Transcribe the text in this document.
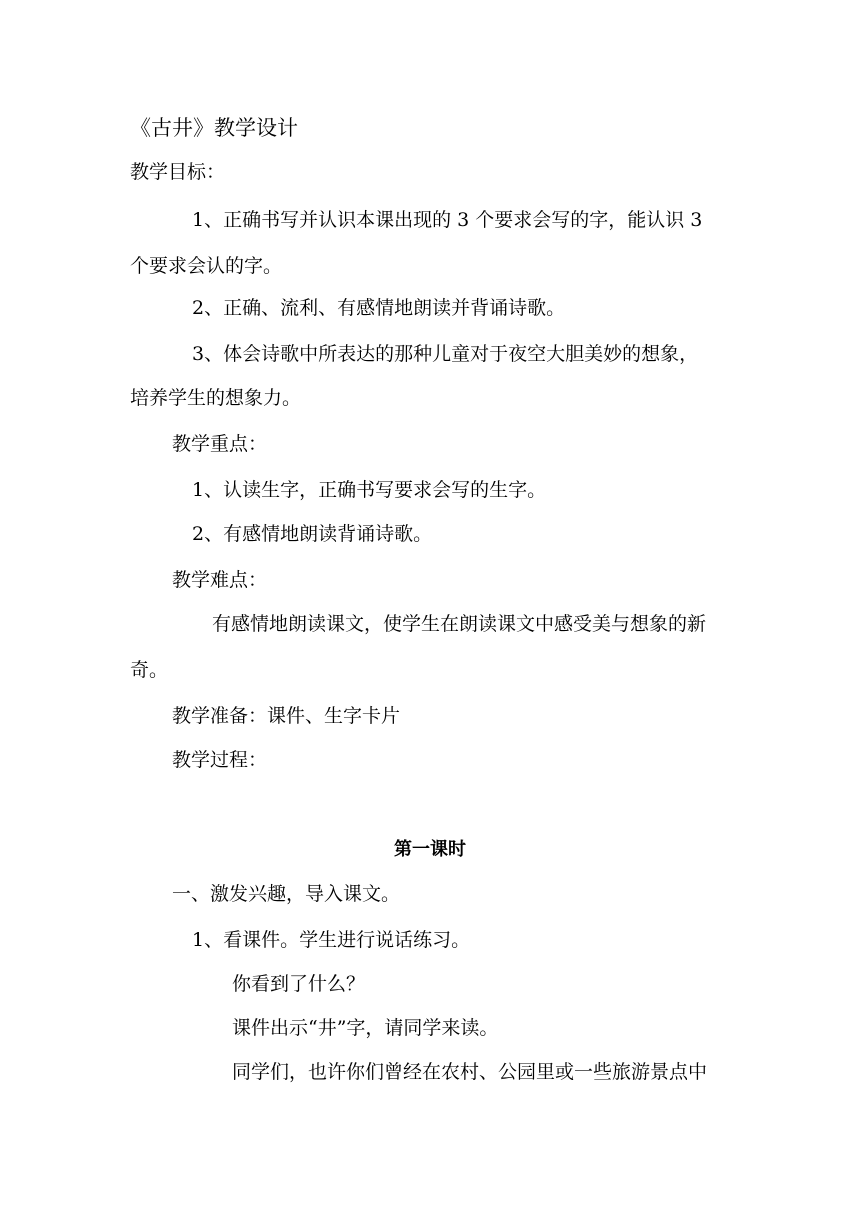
《古井》教学设计
教学目标：
1、正确书写并认识本课出现的 3 个要求会写的字，能认识 3
个要求会认的字。
2、正确、流利、有感情地朗读并背诵诗歌。
3、体会诗歌中所表达的那种儿童对于夜空大胆美妙的想象，
培养学生的想象力。
教学重点：
1、认读生字，正确书写要求会写的生字。
2、有感情地朗读背诵诗歌。
教学难点：
有感情地朗读课文，使学生在朗读课文中感受美与想象的新
奇。
教学准备：课件、生字卡片
教学过程：
第一课时
一、激发兴趣，导入课文。
1、看课件。学生进行说话练习。
你看到了什么？
课件出示“井”字，请同学来读。
同学们，也许你们曾经在农村、公园里或一些旅游景点中
